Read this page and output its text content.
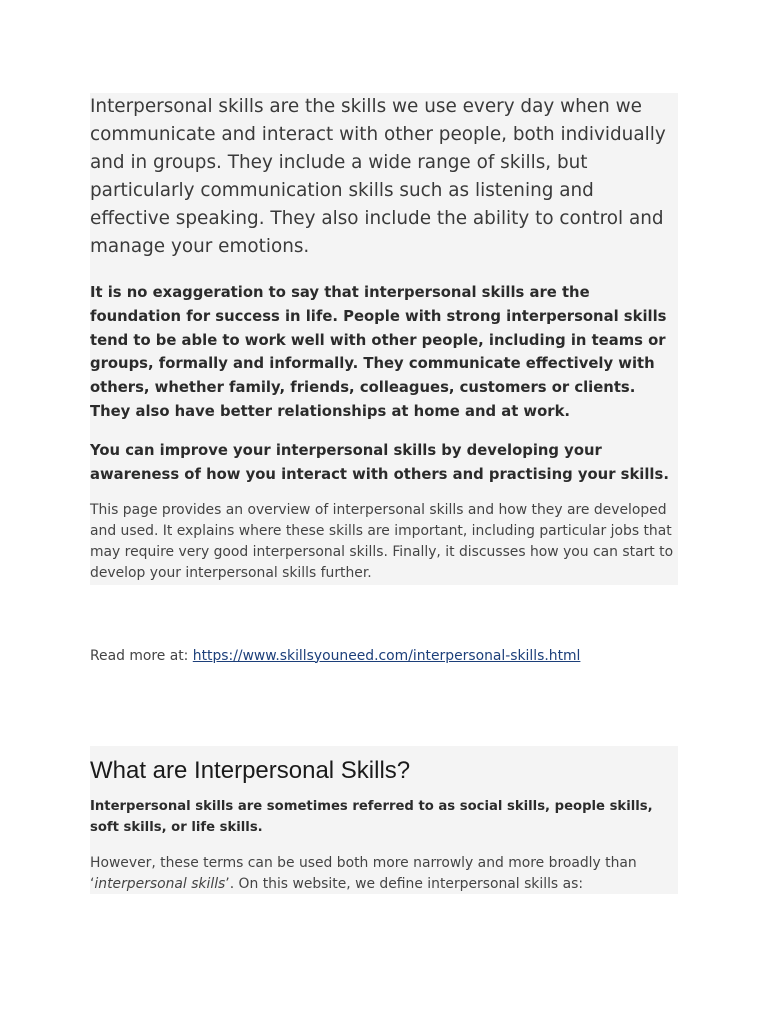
Interpersonal skills are the skills we use every day when we
communicate and interact with other people, both individually
and in groups. They include a wide range of skills, but
particularly communication skills such as listening and
effective speaking. They also include the ability to control and
manage your emotions.

It is no exaggeration to say that interpersonal skills are the
foundation for success in life. People with strong interpersonal skills
tend to be able to work well with other people, including in teams or
groups, formally and informally. They communicate effectively with
others, whether family, friends, colleagues, customers or clients.
They also have better relationships at home and at work.

You can improve your interpersonal skills by developing your
awareness of how you interact with others and practising your skills.

This page provides an overview of interpersonal skills and how they are developed
and used. It explains where these skills are important, including particular jobs that
may require very good interpersonal skills. Finally, it discusses how you can start to
develop your interpersonal skills further.

Read more at: https://www.skillsyouneed.com/interpersonal-skills.html
What are Interpersonal Skills?

Interpersonal skills are sometimes referred to as social skills, people skills,
soft skills, or life skills.

However, these terms can be used both more narrowly and more broadly than
‘interpersonal skills’. On this website, we define interpersonal skills as:
